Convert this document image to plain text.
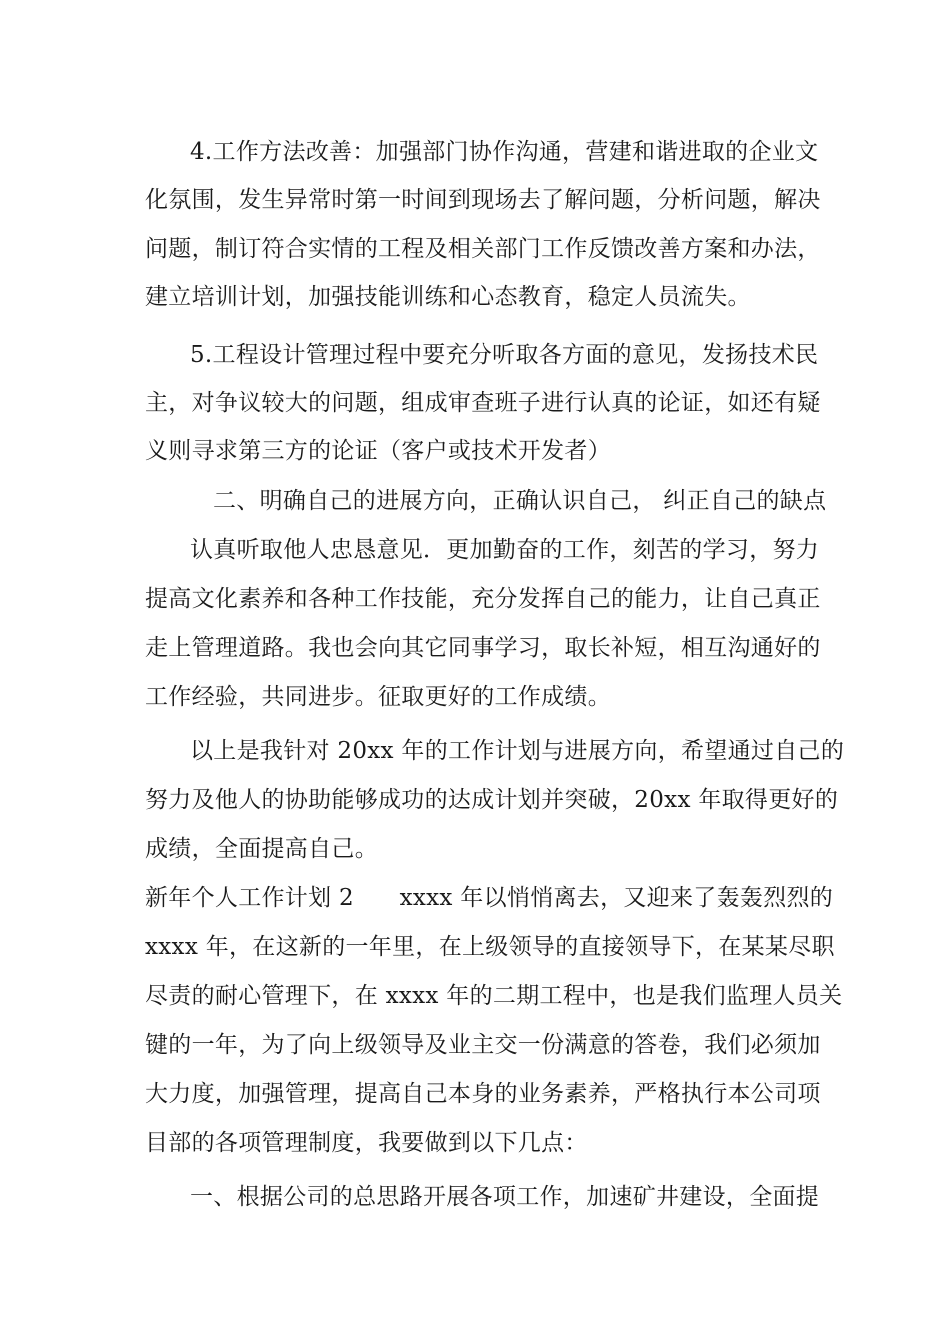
4.工作方法改善：加强部门协作沟通，营建和谐进取的企业文
化氛围，发生异常时第一时间到现场去了解问题，分析问题，解决
问题，制订符合实情的工程及相关部门工作反馈改善方案和办法，
建立培训计划，加强技能训练和心态教育，稳定人员流失。
5.工程设计管理过程中要充分听取各方面的意见，发扬技术民
主，对争议较大的问题，组成审查班子进行认真的论证，如还有疑
义则寻求第三方的论证（客户或技术开发者）
二、明确自己的进展方向，正确认识自己， 纠正自己的缺点
认真听取他人忠恳意见．更加勤奋的工作，刻苦的学习，努力
提高文化素养和各种工作技能，充分发挥自己的能力，让自己真正
走上管理道路。我也会向其它同事学习，取长补短，相互沟通好的
工作经验，共同进步。征取更好的工作成绩。
以上是我针对 20xx 年的工作计划与进展方向，希望通过自己的
努力及他人的协助能够成功的达成计划并突破，20xx 年取得更好的
成绩，全面提高自己。
新年个人工作计划 2      xxxx 年以悄悄离去，又迎来了轰轰烈烈的
xxxx 年，在这新的一年里，在上级领导的直接领导下，在某某尽职
尽责的耐心管理下，在 xxxx 年的二期工程中，也是我们监理人员关
键的一年，为了向上级领导及业主交一份满意的答卷，我们必须加
大力度，加强管理，提高自己本身的业务素养，严格执行本公司项
目部的各项管理制度，我要做到以下几点：
一、根据公司的总思路开展各项工作，加速矿井建设，全面提
